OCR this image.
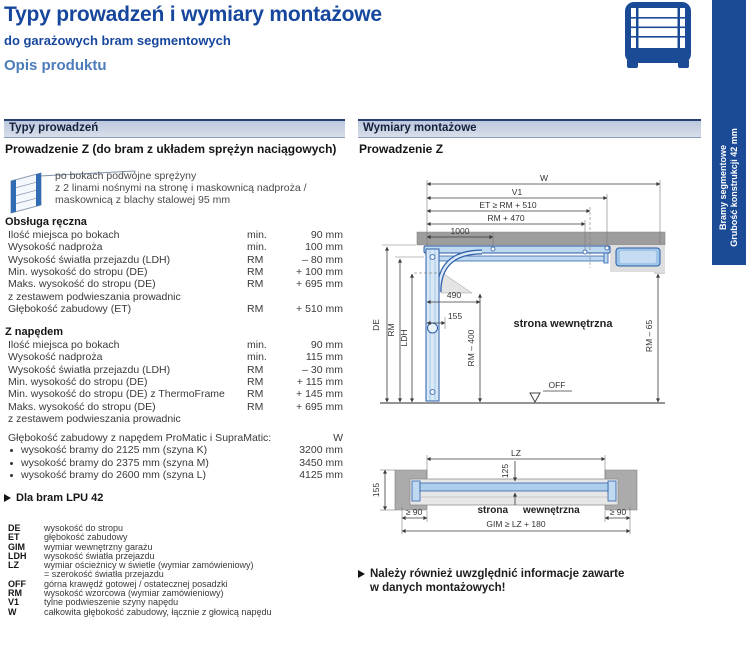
Typy prowadzeń i wymiary montażowe
do garażowych bram segmentowych
Opis produktu
Bramy segmentowe Grubość konstrukcji 42 mm
Typy prowadzeń
Prowadzenie Z (do bram z układem sprężyn naciągowych)
po bokach podwójne sprężyny
z 2 linami nośnymi na stronę i maskownicą nadproża /
maskownicą z blachy stalowej 95 mm
Obsługa ręczna
Ilość miejsca po bokach	min.	90 mm
Wysokość nadproża	min.	100 mm
Wysokość światła przejazdu (LDH)	RM	– 80 mm
Min. wysokość do stropu (DE)	RM	+ 100 mm
Maks. wysokość do stropu (DE)	RM	+ 695 mm
z zestawem podwieszania prowadnic
Głębokość zabudowy (ET)	RM	+ 510 mm
Z napędem
Ilość miejsca po bokach	min.	90 mm
Wysokość nadproża	min.	115 mm
Wysokość światła przejazdu (LDH)	RM	– 30 mm
Min. wysokość do stropu (DE)	RM	+ 115 mm
Min. wysokość do stropu (DE) z ThermoFrame	RM	+ 145 mm
Maks. wysokość do stropu (DE)	RM	+ 695 mm
z zestawem podwieszania prowadnic
Głębokość zabudowy z napędem ProMatic i SupraMatic:	W
wysokość bramy do 2125 mm (szyna K)	3200 mm
wysokość bramy do 2375 mm (szyna M)	3450 mm
wysokość bramy do 2600 mm (szyna L)	4125 mm
Dla bram LPU 42
DE	wysokość do stropu
ET	głębokość zabudowy
GIM	wymiar wewnętrzny garażu
LDH	wysokość światła przejazdu
LZ	wymiar ościeżnicy w świetle (wymiar zamówieniowy)
= szerokość światła przejazdu
OFF	górna krawędź gotowej / ostatecznej posadzki
RM	wysokość wzorcowa (wymiar zamówieniowy)
V1	tylne podwieszenie szyny napędu
W	całkowita głębokość zabudowy, łącznie z głowicą napędu
Wymiary montażowe
Prowadzenie Z
W
V1
ET ≥ RM + 510
RM + 470
1000
490
155
DE RM LDH	RM – 400	RM – 65
strona wewnętrzna
OFF
LZ
125
155
≥ 90	≥ 90
GIM ≥ LZ + 180
strona wewnętrzna
Należy również uwzględnić informacje zawarte
w danych montażowych!
